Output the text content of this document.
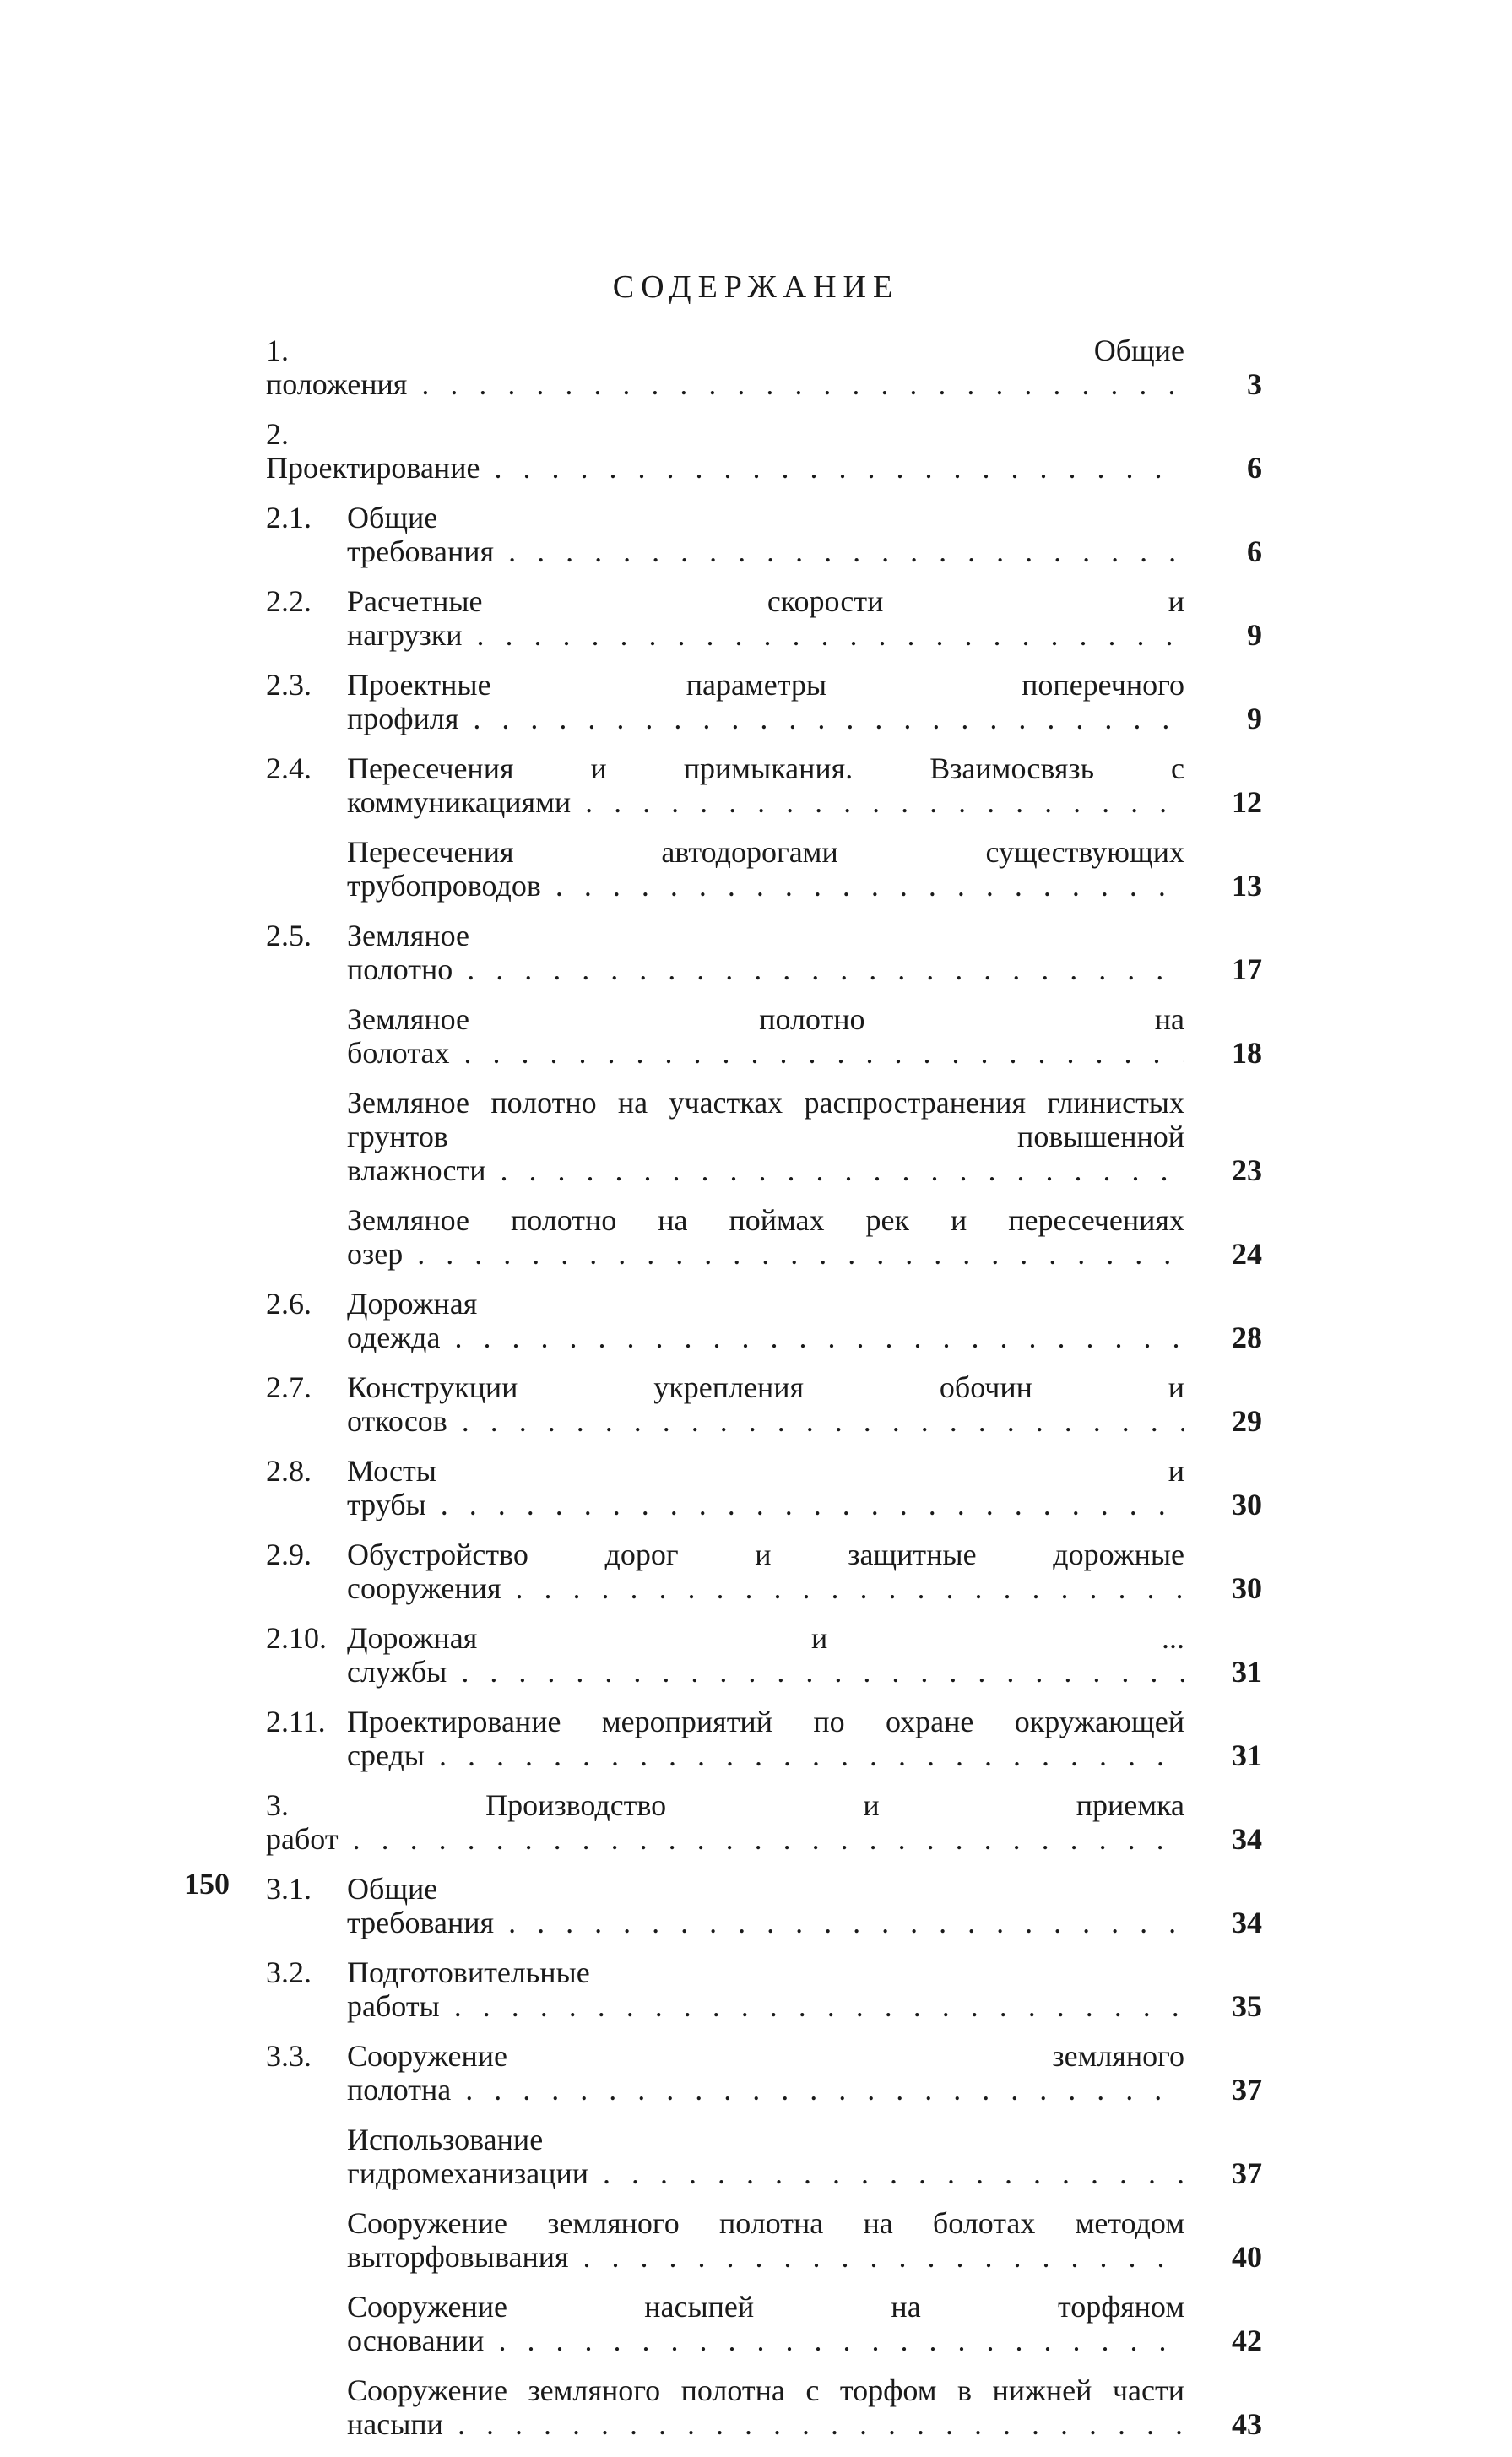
СОДЕРЖАНИЕ
1. Общие положения . . .	3
2. Проектирование . . .	6
2.1.	Общие требования . . .	6
2.2.	Расчетные скорости и нагрузки . . .	9
2.3.	Проектные параметры поперечного профиля . . .	9
2.4.	Пересечения и примыкания. Взаимосвязь с коммуникациями . . .	12
Пересечения автодорогами существующих трубопроводов . . .	13
2.5.	Земляное полотно . . .	17
Земляное полотно на болотах . . .	18
Земляное полотно на участках распространения глинистых грунтов повышенной влажности . . .	23
Земляное полотно на поймах рек и пересечениях озер . . .	24
2.6.	Дорожная одежда . . .	28
2.7.	Конструкции укрепления обочин и откосов . . .	29
2.8.	Мосты и трубы . . .	30
2.9.	Обустройство дорог и защитные дорожные сооружения . . .	30
2.10. Дорожная и ... службы . . .	31
2.11. Проектирование мероприятий по охране окружающей среды . . .	31
3. Производство и приемка работ . . .	34
3.1.	Общие требования . . .	34
3.2.	Подготовительные работы . . .	35
3.3.	Сооружение земляного полотна . . .	37
Использование гидромеханизации . . .	37
Сооружение земляного полотна на болотах методом выторфовывания . . .	40
Сооружение насыпей на торфяном основании . . .	42
Сооружение земляного полотна с торфом в нижней части насыпи . . .	43
150
